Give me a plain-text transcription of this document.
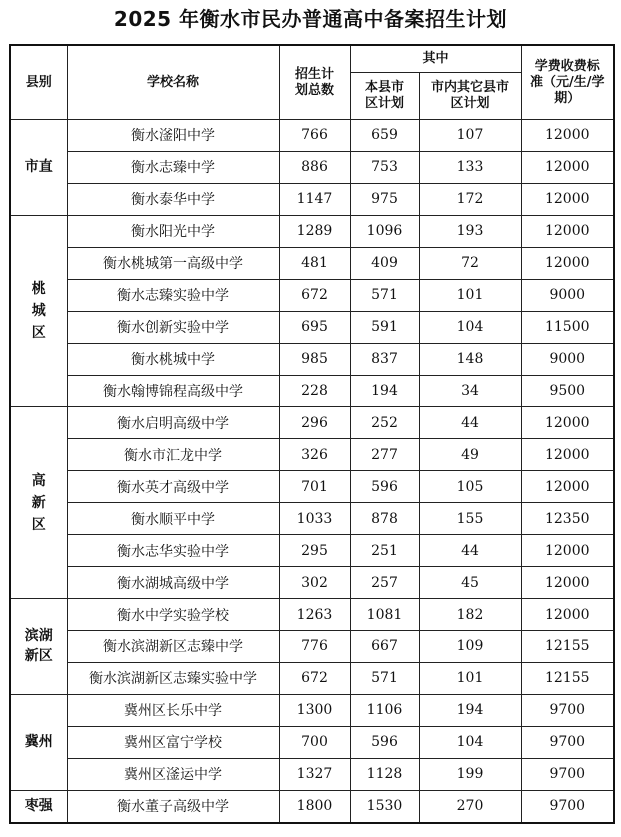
2025 年衡水市民办普通高中备案招生计划
县别	学校名称	招生计划总数	其中		学费收费标准（元/生/学期）
			本县市区计划	市内其它县市区计划	
市直	衡水滏阳中学	766	659	107	12000
	衡水志臻中学	886	753	133	12000
	衡水泰华中学	1147	975	172	12000
桃城区	衡水阳光中学	1289	1096	193	12000
	衡水桃城第一高级中学	481	409	72	12000
	衡水志臻实验中学	672	571	101	9000
	衡水创新实验中学	695	591	104	11500
	衡水桃城中学	985	837	148	9000
	衡水翰博锦程高级中学	228	194	34	9500
高新区	衡水启明高级中学	296	252	44	12000
	衡水市汇龙中学	326	277	49	12000
	衡水英才高级中学	701	596	105	12000
	衡水顺平中学	1033	878	155	12350
	衡水志华实验中学	295	251	44	12000
	衡水湖城高级中学	302	257	45	12000
滨湖新区	衡水中学实验学校	1263	1081	182	12000
	衡水滨湖新区志臻中学	776	667	109	12155
	衡水滨湖新区志臻实验中学	672	571	101	12155
冀州	冀州区长乐中学	1300	1106	194	9700
	冀州区富宁学校	700	596	104	9700
	冀州区滏运中学	1327	1128	199	9700
枣强	衡水董子高级中学	1800	1530	270	9700
